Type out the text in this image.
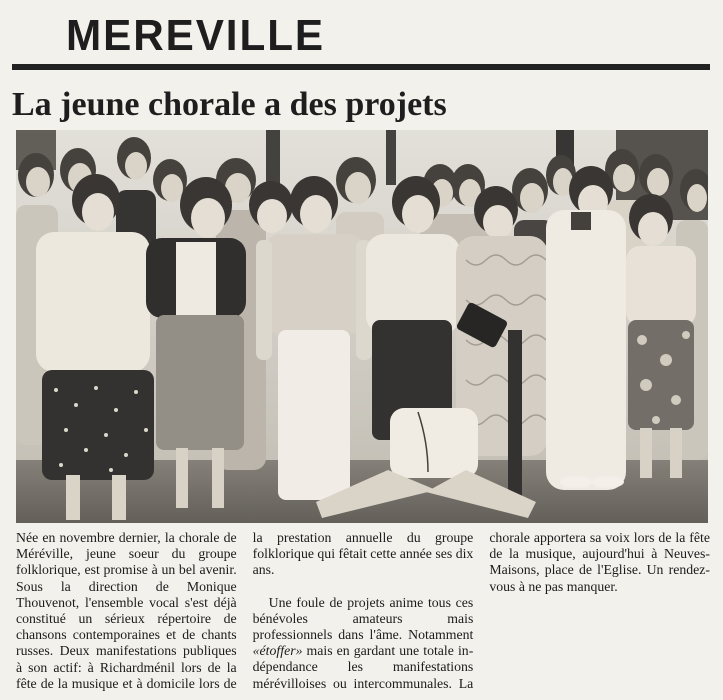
MEREVILLE
La jeune chorale a des projets

Née en novembre dernier, la chorale de Méréville, jeune soeur du groupe folklorique, est promise à un bel avenir. Sous la direction de Monique Thouvenot, l'ensemble vocal s'est déjà constitué un sérieux répertoire de chansons contemporaines et de chants russes. Deux manifestations publiques à son actif: à Richardménil lors de la fête de la musique et à domicile lors de la prestation annuelle du groupe folklorique qui fêtait cette année ses dix ans.

Une foule de projets anime tous ces bénévoles amateurs mais professionnels dans l'âme. Notamment «étoffer» mais en gardant une totale indépendance les manifestations mérévilloises ou intercommunales. La chorale apportera sa voix lors de la fête de la musique, aujourd'hui à Neuves-Maisons, place de l'Eglise. Un rendez-vous à ne pas manquer.
